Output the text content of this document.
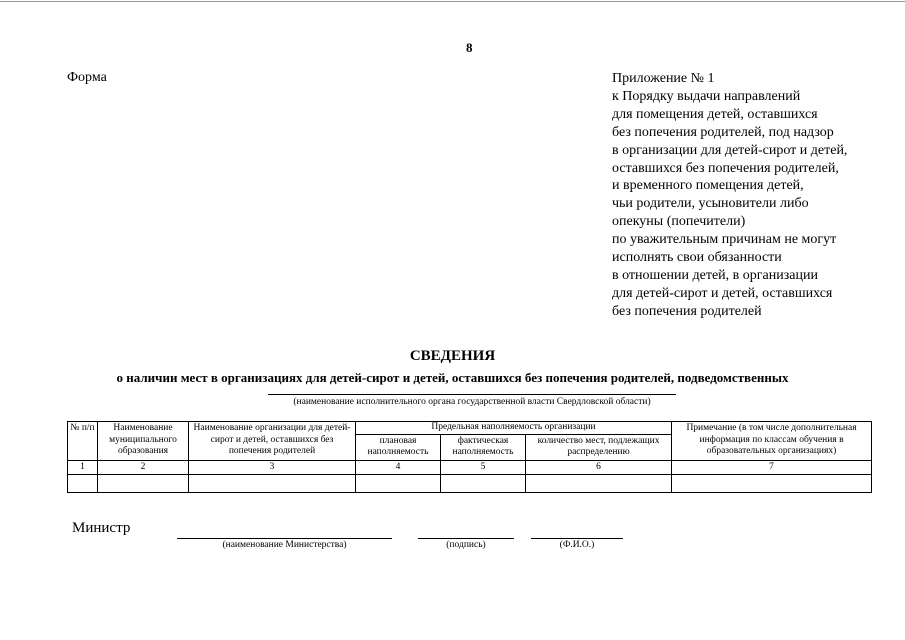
8
Форма	Приложение № 1
к Порядку выдачи направлений
для помещения детей, оставшихся
без попечения родителей, под надзор
в организации для детей-сирот и детей,
оставшихся без попечения родителей,
и временного помещения детей,
чьи родители, усыновители либо
опекуны (попечители)
по уважительным причинам не могут
исполнять свои обязанности
в отношении детей, в организации
для детей-сирот и детей, оставшихся
без попечения родителей
СВЕДЕНИЯ
о наличии мест в организациях для детей-сирот и детей, оставшихся без попечения родителей, подведомственных
(наименование исполнительного органа государственной власти Свердловской области)
№ п/п	Наименование муниципального образования	Наименование организации для детей-сирот и детей, оставшихся без попечения родителей	Предельная наполняемость организации			Примечание (в том числе дополнительная информация по классам обучения в образовательных организациях)
			плановая наполняемость	фактическая наполняемость	количество мест, подлежащих распределению	
1	2	3	4	5	6	7

Министр
(наименование Министерства)	(подпись)	(Ф.И.О.)
